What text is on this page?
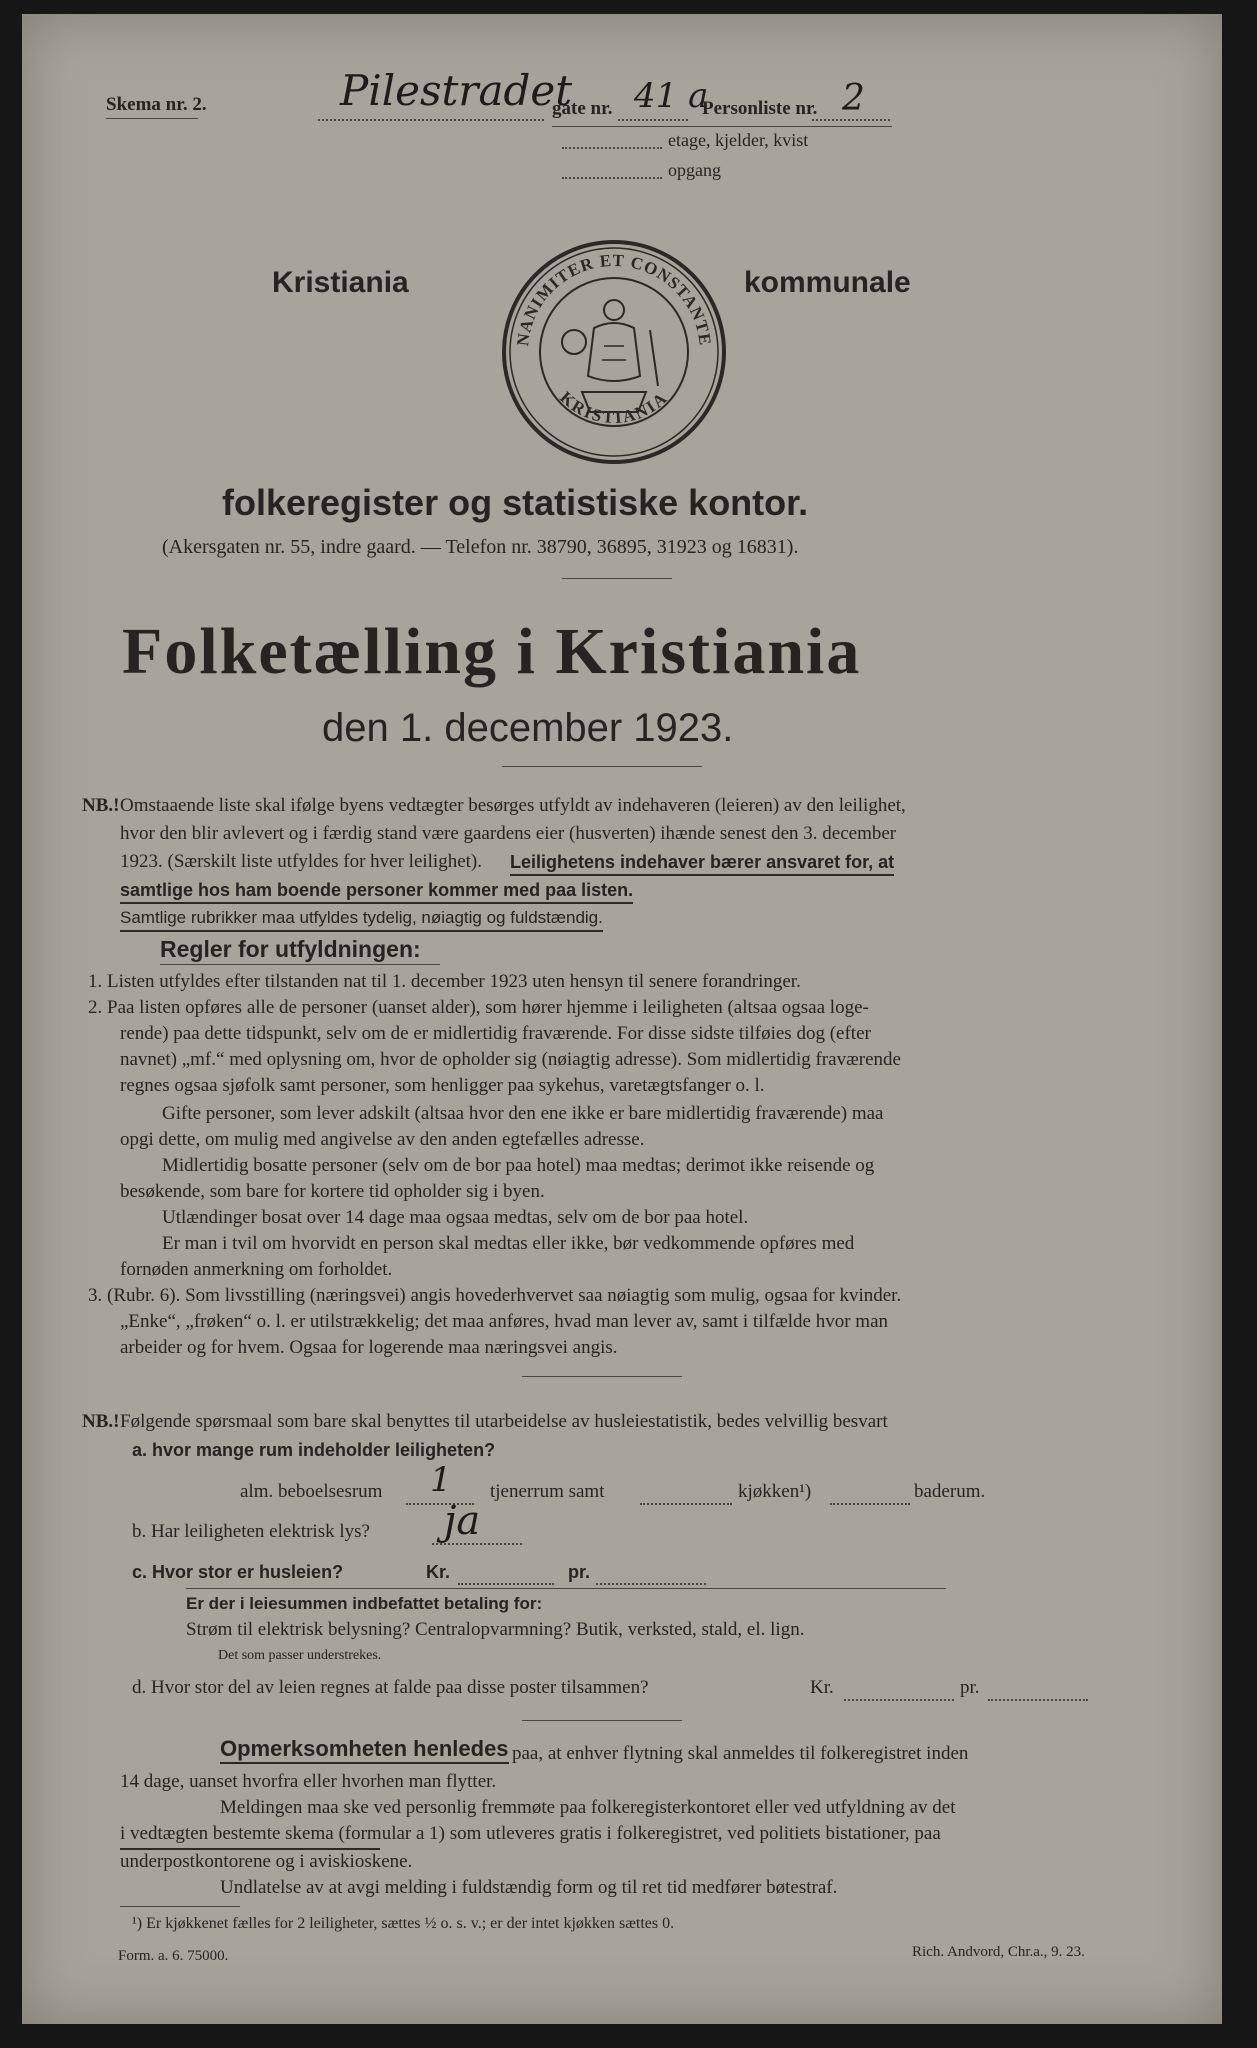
Skema nr. 2.	Pilestradet
gate nr. 41 a
Personliste nr. 2
etage, kjelder, kvist
opgang
Kristiania
NANIMITER ET CONSTANTE
KRISTIANIA
kommunale
folkeregister og statistiske kontor.
(Akersgaten nr. 55, indre gaard. — Telefon nr. 38790, 36895, 31923 og 16831).
Folketælling i Kristiania
den 1. december 1923.
NB.! Omstaaende liste skal ifølge byens vedtægter besørges utfyldt av indehaveren (leieren) av den leilighet,
hvor den blir avlevert og i færdig stand være gaardens eier (husverten) ihænde senest den 3. december
1923. (Særskilt liste utfyldes for hver leilighet). Leilighetens indehaver bærer ansvaret for, at
samtlige hos ham boende personer kommer med paa listen.
Samtlige rubrikker maa utfyldes tydelig, nøiagtig og fuldstændig.
Regler for utfyldningen:
1. Listen utfyldes efter tilstanden nat til 1. december 1923 uten hensyn til senere forandringer.
2. Paa listen opføres alle de personer (uanset alder), som hører hjemme i leiligheten (altsaa ogsaa loge-
rende) paa dette tidspunkt, selv om de er midlertidig fraværende. For disse sidste tilføies dog (efter
navnet) „mf.“ med oplysning om, hvor de opholder sig (nøiagtig adresse). Som midlertidig fraværende
regnes ogsaa sjøfolk samt personer, som henligger paa sykehus, varetægtsfanger o. l.
Gifte personer, som lever adskilt (altsaa hvor den ene ikke er bare midlertidig fraværende) maa
opgi dette, om mulig med angivelse av den anden egtefælles adresse.
Midlertidig bosatte personer (selv om de bor paa hotel) maa medtas; derimot ikke reisende og
besøkende, som bare for kortere tid opholder sig i byen.
Utlændinger bosat over 14 dage maa ogsaa medtas, selv om de bor paa hotel.
Er man i tvil om hvorvidt en person skal medtas eller ikke, bør vedkommende opføres med
fornøden anmerkning om forholdet.
3. (Rubr. 6). Som livsstilling (næringsvei) angis hovederhvervet saa nøiagtig som mulig, ogsaa for kvinder.
„Enke“, „frøken“ o. l. er utilstrækkelig; det maa anføres, hvad man lever av, samt i tilfælde hvor man
arbeider og for hvem. Ogsaa for logerende maa næringsvei angis.
NB.! Følgende spørsmaal som bare skal benyttes til utarbeidelse av husleiestatistik, bedes velvillig besvart
a. hvor mange rum indeholder leiligheten?
alm. beboelsesrum 1 tjenerrum samt	kjøkken¹)	baderum.
b. Har leiligheten elektrisk lys? ja
c. Hvor stor er husleien?	Kr.	pr.
Er der i leiesummen indbefattet betaling for:
Strøm til elektrisk belysning? Centralopvarmning? Butik, verksted, stald, el. lign.
Det som passer understrekes.
d. Hvor stor del av leien regnes at falde paa disse poster tilsammen?	Kr.	pr.
Opmerksomheten henledes paa, at enhver flytning skal anmeldes til folkeregistret inden
14 dage, uanset hvorfra eller hvorhen man flytter.
Meldingen maa ske ved personlig fremmøte paa folkeregisterkontoret eller ved utfyldning av det
i vedtægten bestemte skema (formular a 1) som utleveres gratis i folkeregistret, ved politiets bistationer, paa
underpostkontorene og i aviskioskene.
Undlatelse av at avgi melding i fuldstændig form og til ret tid medfører bøtestraf.
¹) Er kjøkkenet fælles for 2 leiligheter, sættes ½ o. s. v.; er der intet kjøkken sættes 0.
Form. a. 6. 75000.	Rich. Andvord, Chr.a., 9. 23.
